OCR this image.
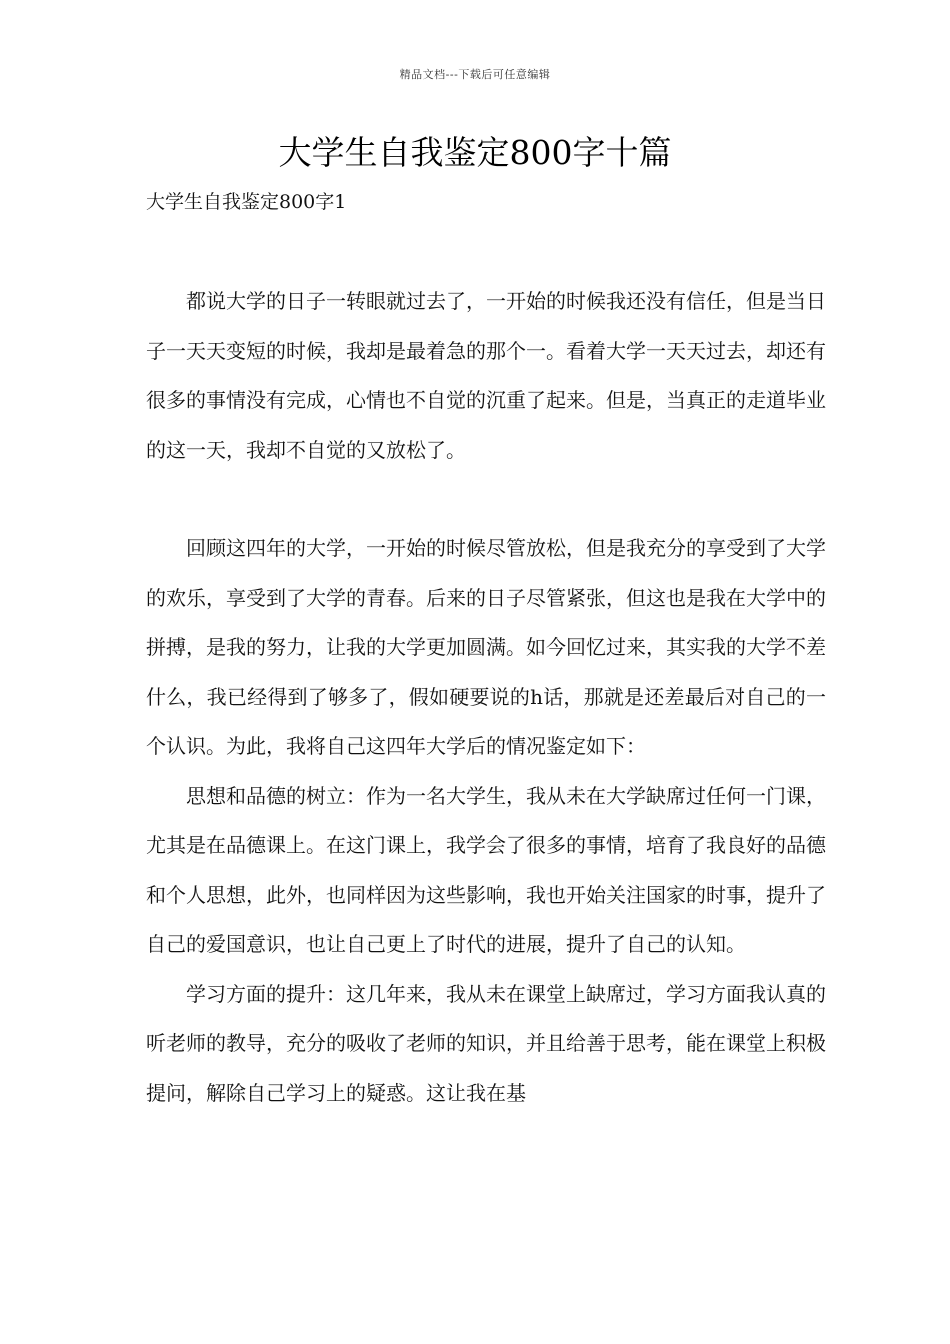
精品文档---下载后可任意编辑
大学生自我鉴定800字十篇
大学生自我鉴定800字1

都说大学的日子一转眼就过去了，一开始的时候我还没有信任，但是当日子一天天变短的时候，我却是最着急的那个一。看着大学一天天过去，却还有很多的事情没有完成，心情也不自觉的沉重了起来。但是，当真正的走道毕业的这一天，我却不自觉的又放松了。

回顾这四年的大学，一开始的时候尽管放松，但是我充分的享受到了大学的欢乐，享受到了大学的青春。后来的日子尽管紧张，但这也是我在大学中的拼搏，是我的努力，让我的大学更加圆满。如今回忆过来，其实我的大学不差什么，我已经得到了够多了，假如硬要说的h话，那就是还差最后对自己的一个认识。为此，我将自己这四年大学后的情况鉴定如下：

思想和品德的树立：作为一名大学生，我从未在大学缺席过任何一门课，尤其是在品德课上。在这门课上，我学会了很多的事情，培育了我良好的品德和个人思想，此外，也同样因为这些影响，我也开始关注国家的时事，提升了自己的爱国意识，也让自己更上了时代的进展，提升了自己的认知。

学习方面的提升：这几年来，我从未在课堂上缺席过，学习方面我认真的听老师的教导，充分的吸收了老师的知识，并且给善于思考，能在课堂上积极提问，解除自己学习上的疑惑。这让我在基
